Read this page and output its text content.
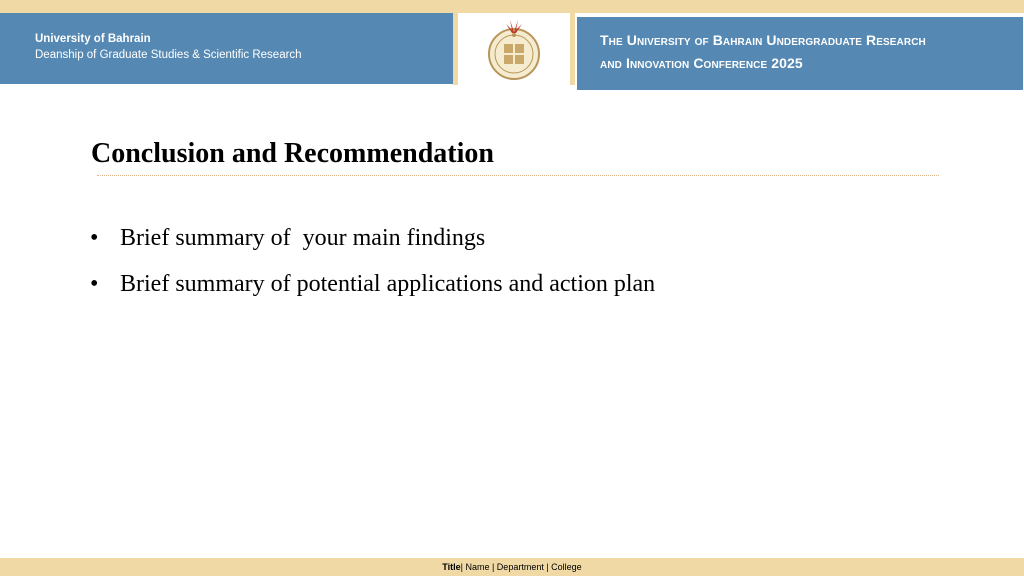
University of Bahrain
Deanship of Graduate Studies & Scientific Research
The University of Bahrain Undergraduate Research
and Innovation Conference 2025
Conclusion and Recommendation
• Brief summary of  your main findings
• Brief summary of potential applications and action plan
Title| Name | Department | College
